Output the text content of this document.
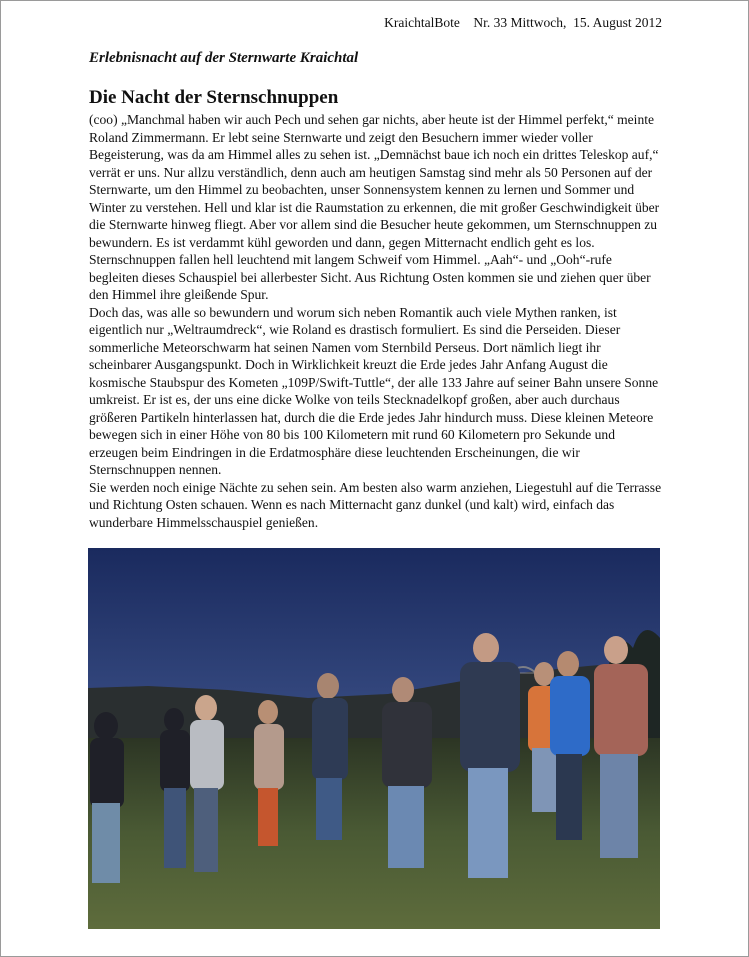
KraichtalBote Nr. 33 Mittwoch,  15. August 2012
Erlebnisnacht auf der Sternwarte Kraichtal
Die Nacht der Sternschnuppen

(coo) „Manchmal haben wir auch Pech und sehen gar nichts, aber heute ist der Himmel perfekt,“ meinte Roland Zimmermann. Er lebt seine Sternwarte und zeigt den Besuchern immer wieder voller Begeisterung, was da am Himmel alles zu sehen ist. „Demnächst baue ich noch ein drittes Teleskop auf,“ verrät er uns. Nur allzu verständlich, denn auch am heutigen Samstag sind mehr als 50 Personen auf der Sternwarte, um den Himmel zu beobachten, unser Sonnensystem kennen zu lernen und Sommer und Winter zu verstehen. Hell und klar ist die Raumstation zu erkennen, die mit großer Geschwindigkeit über die Sternwarte hinweg fliegt. Aber vor allem sind die Besucher heute gekommen, um Sternschnuppen zu bewundern. Es ist verdammt kühl geworden und dann, gegen Mitternacht endlich geht es los. Sternschnuppen fallen hell leuchtend mit langem Schweif vom Himmel. „Aah“- und „Ooh“-rufe begleiten dieses Schauspiel bei allerbester Sicht. Aus Richtung Osten kommen sie und ziehen quer über den Himmel ihre gleißende Spur.

Doch das, was alle so bewundern und worum sich neben Romantik auch viele Mythen ranken, ist eigentlich nur „Weltraumdreck“, wie Roland es drastisch formuliert. Es sind die Perseiden. Dieser sommerliche Meteorschwarm hat seinen Namen vom Sternbild Perseus. Dort nämlich liegt ihr scheinbarer Ausgangspunkt. Doch in Wirklichkeit kreuzt die Erde jedes Jahr Anfang August die kosmische Staubspur des Kometen „109P/Swift-Tuttle“, der alle 133 Jahre auf seiner Bahn unsere Sonne umkreist. Er ist es, der uns eine dicke Wolke von teils Stecknadelkopf großen, aber auch durchaus größeren Partikeln hinterlassen hat, durch die die Erde jedes Jahr hindurch muss. Diese kleinen Meteore bewegen sich in einer Höhe von 80 bis 100 Kilometern mit rund 60 Kilometern pro Sekunde und erzeugen beim Eindringen in die Erdatmosphäre diese leuchtenden Erscheinungen, die wir Sternschnuppen nennen.

Sie werden noch einige Nächte zu sehen sein. Am besten also warm anziehen, Liegestuhl auf die Terrasse und Richtung Osten schauen. Wenn es nach Mitternacht ganz dunkel (und kalt) wird, einfach das wunderbare Himmelsschauspiel genießen.
